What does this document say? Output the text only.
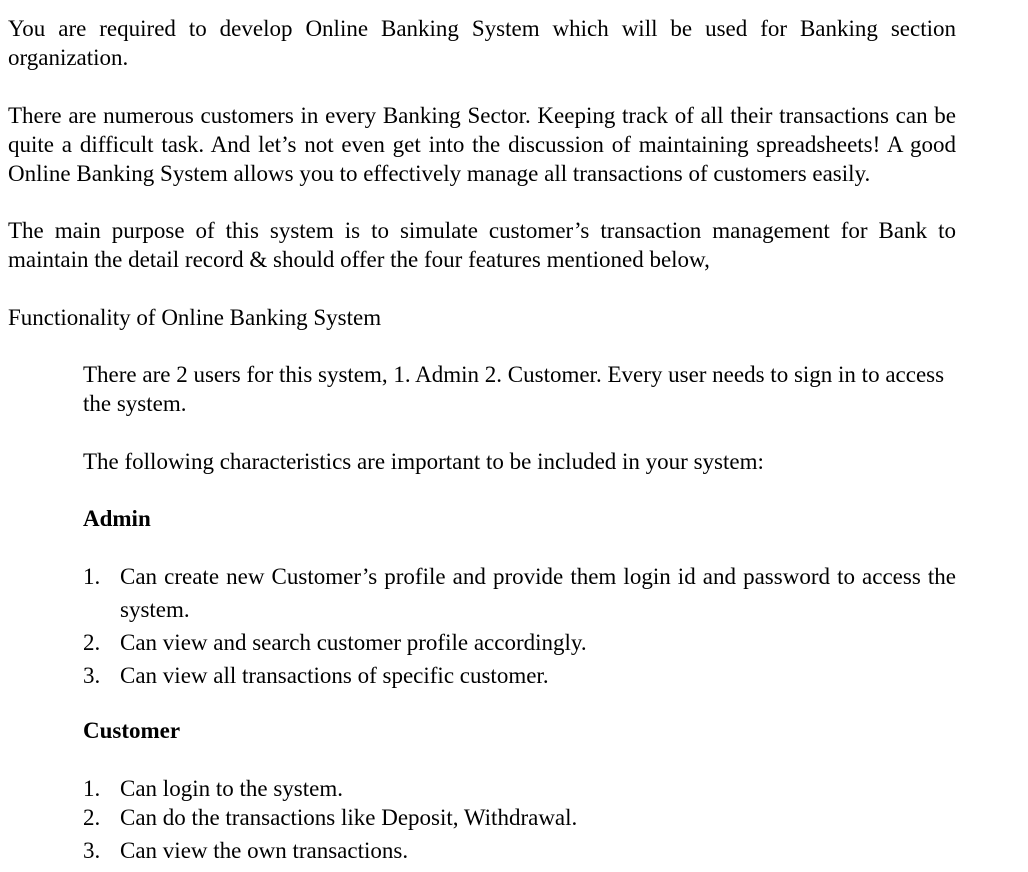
You are required to develop Online Banking System which will be used for Banking section organization.

There are numerous customers in every Banking Sector. Keeping track of all their transactions can be quite a difficult task. And let’s not even get into the discussion of maintaining spreadsheets! A good Online Banking System allows you to effectively manage all transactions of customers easily.

The main purpose of this system is to simulate customer’s transaction management for Bank to maintain the detail record & should offer the four features mentioned below,

Functionality of Online Banking System

There are 2 users for this system, 1. Admin 2. Customer. Every user needs to sign in to access the system.

The following characteristics are important to be included in your system:

Admin
1. Can create new Customer’s profile and provide them login id and password to access the system.
2. Can view and search customer profile accordingly.
3. Can view all transactions of specific customer.
Customer
1. Can login to the system.
2. Can do the transactions like Deposit, Withdrawal.
3. Can view the own transactions.
